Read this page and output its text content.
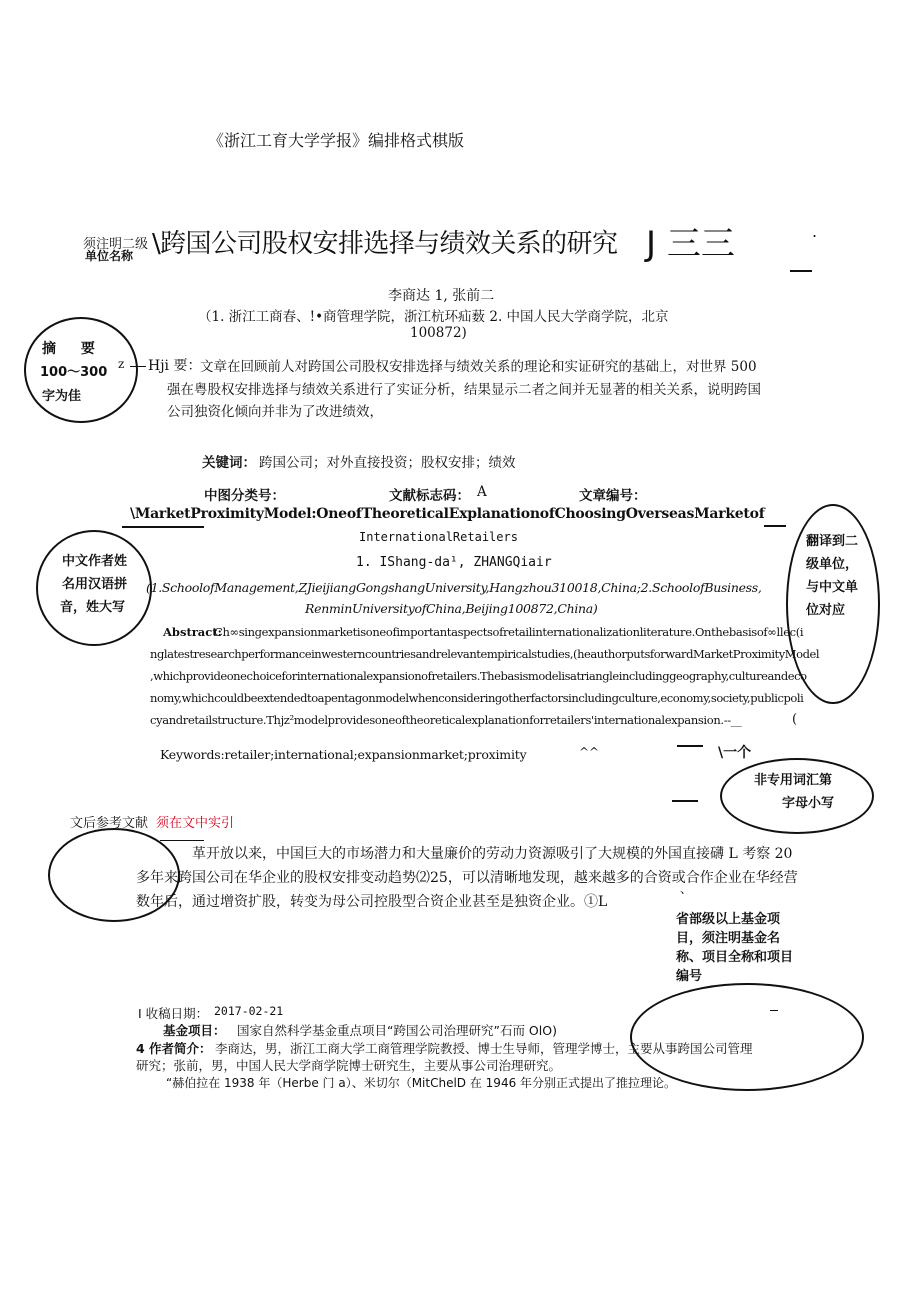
《浙江工育大学学报》编排格式棋版
须注明二级
单位名称 \跨国公司股权安排选择与绩效关系的研究 J 三三	.
李商达 1, 张前二
（1. 浙江工商春、!•商管理学院，浙江杭环疝薮 2. 中国人民大学商学院，北京
100872)
摘 要
100～300
字为佳
z Hji 要：
文章在回顾前人对跨国公司股权安排选择与绩效关系的理论和实证研究的基础上，对世界 500
强在粤股权安排选择与绩效关系进行了实证分析，结果显示二者之间并无显著的相关关系，说明跨国
公司独资化倾向并非为了改进绩效，
关键词： 跨国公司；对外直接投资；股权安排；绩效
中图分类号：	文献标志码： A	文章编号：
\MarketProximityModel:OneofTheoreticalExplanationofChoosingOverseasMarketof
InternationalRetailers
1. IShang-da¹, ZHANGQiair
中文作者姓
名用汉语拼
音，姓大写
翻译到二
级单位，
与中文单
位对应
(1.SchoolofManagement,ZJieijiangGongshangUniversity,Hangzhou310018,China;2.SchoolofBusiness,
RenminUniversityofChina,Beijing100872,China)
Abstract:
Ch∞singexpansionmarketisoneofimportantaspectsofretailinternationalizationliterature.Onthebasisof∞llec(i
nglatestresearchperformanceinwesterncountriesandrelevantempiricalstudies,(heauthorputsforwardMarketProximityModel
,whichprovideonechoiceforinternationalexpansionofretailers.Thebasismodelisatriangleincludinggeography,cultureandeco
nomy,whichcouldbeextendedtoapentagonmodelwhenconsideringotherfactorsincludingculture,economy,society,publicpoli
cyandretailstructure.Thjz²modelprovidesoneoftheoreticalexplanationforretailers'internationalexpansion.--__	(
Keywords:retailer;international;expansionmarket;proximity	^^	\一个
非专用词汇第
字母小写
文后参考文献 须在文中实引
革开放以来，中国巨大的市场潜力和大量廉价的劳动力资源吸引了大规模的外国直接礴 L 考察 20
多年来跨国公司在华企业的股权安排变动趋势⑵25，可以清晰地发现，越来越多的合资或合作企业在华经营
数年后，通过增资扩股，转变为母公司控股型合资企业甚至是独资企业。①L
、
省部级以上基金项
目，须注明基金名
称、项目全称和项目
编号
I 收稿日期： 2017-02-21
基金项目： 国家自然科学基金重点项目“跨国公司治理研究”石而 OlO)
4 作者简介： 李商达，男，浙江工商大学工商管理学院教授、博士生导师，管理学博士，主要从事跨国公司管理
研究；张前，男，中国人民大学商学院博士研究生，主要从事公司治理研究。
“赫伯拉在 1938 年（Herbe 门 a）、米切尔（MitChelD 在 1946 年分别正式提出了推拉理论。
